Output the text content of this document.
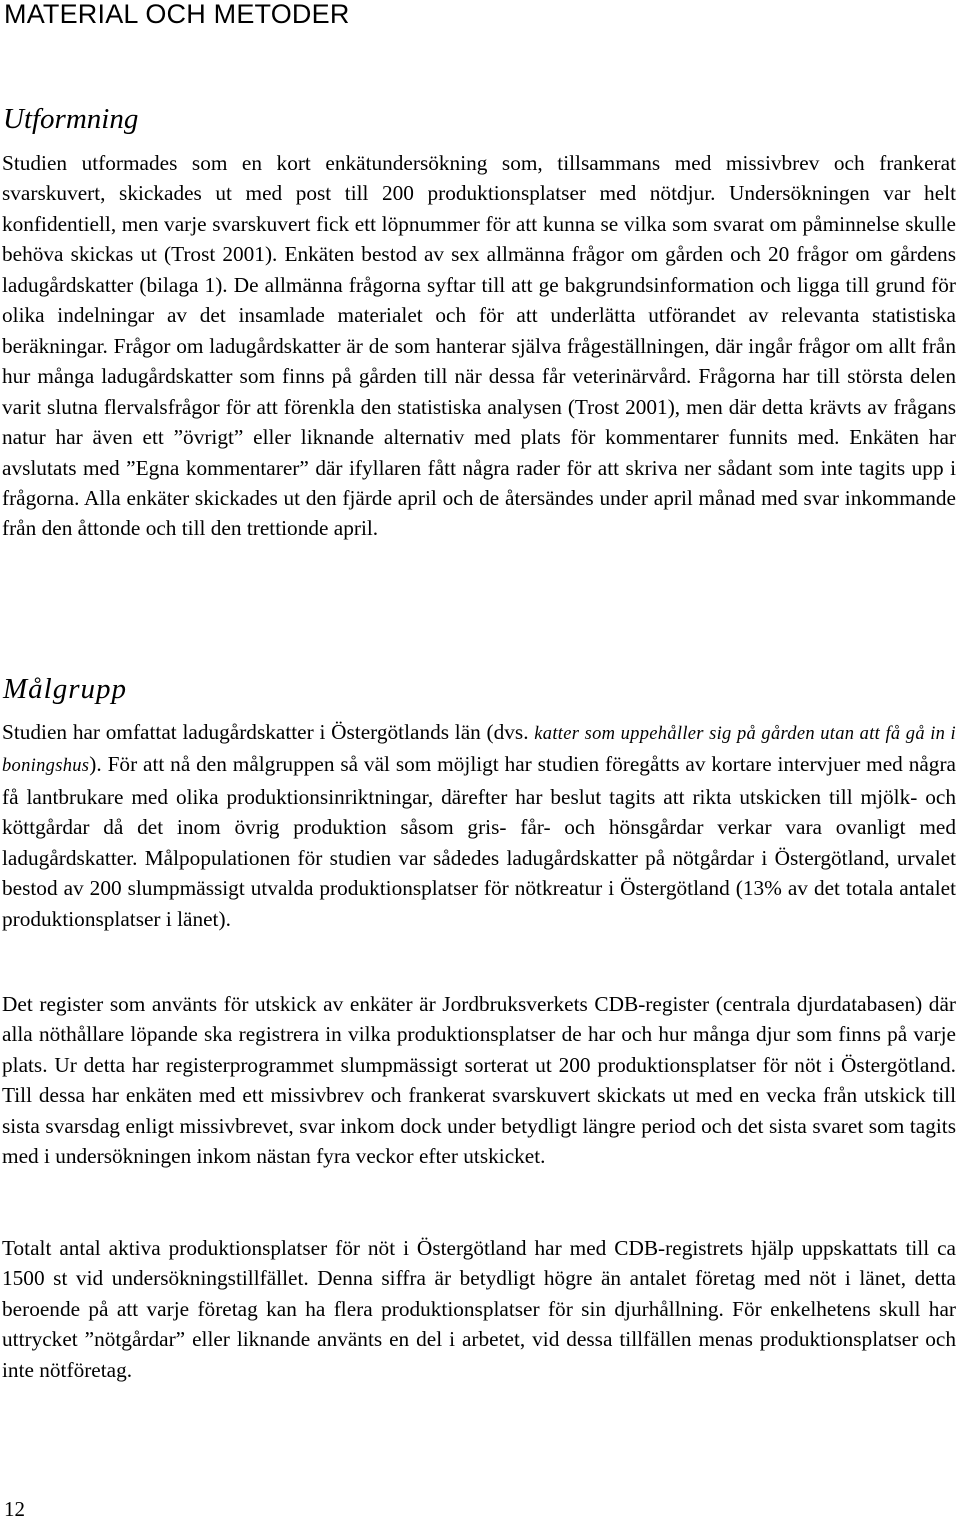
MATERIAL OCH METODER
Utformning

Studien utformades som en kort enkätundersökning som, tillsammans med missivbrev och frankerat svarskuvert, skickades ut med post till 200 produktionsplatser med nötdjur. Undersökningen var helt konfidentiell, men varje svarskuvert fick ett löpnummer för att kunna se vilka som svarat om påminnelse skulle behöva skickas ut (Trost 2001). Enkäten bestod av sex allmänna frågor om gården och 20 frågor om gårdens ladugårdskatter (bilaga 1). De allmänna frågorna syftar till att ge bakgrundsinformation och ligga till grund för olika indelningar av det insamlade materialet och för att underlätta utförandet av relevanta statistiska beräkningar. Frågor om ladugårdskatter är de som hanterar själva frågeställningen, där ingår frågor om allt från hur många ladugårdskatter som finns på gården till när dessa får veterinärvård. Frågorna har till största delen varit slutna flervalsfrågor för att förenkla den statistiska analysen (Trost 2001), men där detta krävts av frågans natur har även ett ”övrigt” eller liknande alternativ med plats för kommentarer funnits med. Enkäten har avslutats med ”Egna kommentarer” där ifyllaren fått några rader för att skriva ner sådant som inte tagits upp i frågorna. Alla enkäter skickades ut den fjärde april och de återsändes under april månad med svar inkommande från den åttonde och till den trettionde april.

Målgrupp

Studien har omfattat ladugårdskatter i Östergötlands län (dvs. katter som uppehåller sig på gården utan att få gå in i boningshus). För att nå den målgruppen så väl som möjligt har studien föregåtts av kortare intervjuer med några få lantbrukare med olika produktionsinriktningar, därefter har beslut tagits att rikta utskicken till mjölk- och köttgårdar då det inom övrig produktion såsom gris- får- och hönsgårdar verkar vara ovanligt med ladugårdskatter. Målpopulationen för studien var sådedes ladugårdskatter på nötgårdar i Östergötland, urvalet bestod av 200 slumpmässigt utvalda produktionsplatser för nötkreatur i Östergötland (13% av det totala antalet produktionsplatser i länet).

Det register som använts för utskick av enkäter är Jordbruksverkets CDB-register (centrala djurdatabasen) där alla nöthållare löpande ska registrera in vilka produktionsplatser de har och hur många djur som finns på varje plats. Ur detta har registerprogrammet slumpmässigt sorterat ut 200 produktionsplatser för nöt i Östergötland. Till dessa har enkäten med ett missivbrev och frankerat svarskuvert skickats ut med en vecka från utskick till sista svarsdag enligt missivbrevet, svar inkom dock under betydligt längre period och det sista svaret som tagits med i undersökningen inkom nästan fyra veckor efter utskicket.

Totalt antal aktiva produktionsplatser för nöt i Östergötland har med CDB-registrets hjälp uppskattats till ca 1500 st vid undersökningstillfället. Denna siffra är betydligt högre än antalet företag med nöt i länet, detta beroende på att varje företag kan ha flera produktionsplatser för sin djurhållning. För enkelhetens skull har uttrycket ”nötgårdar” eller liknande använts en del i arbetet, vid dessa tillfällen menas produktionsplatser och inte nötföretag.

12
